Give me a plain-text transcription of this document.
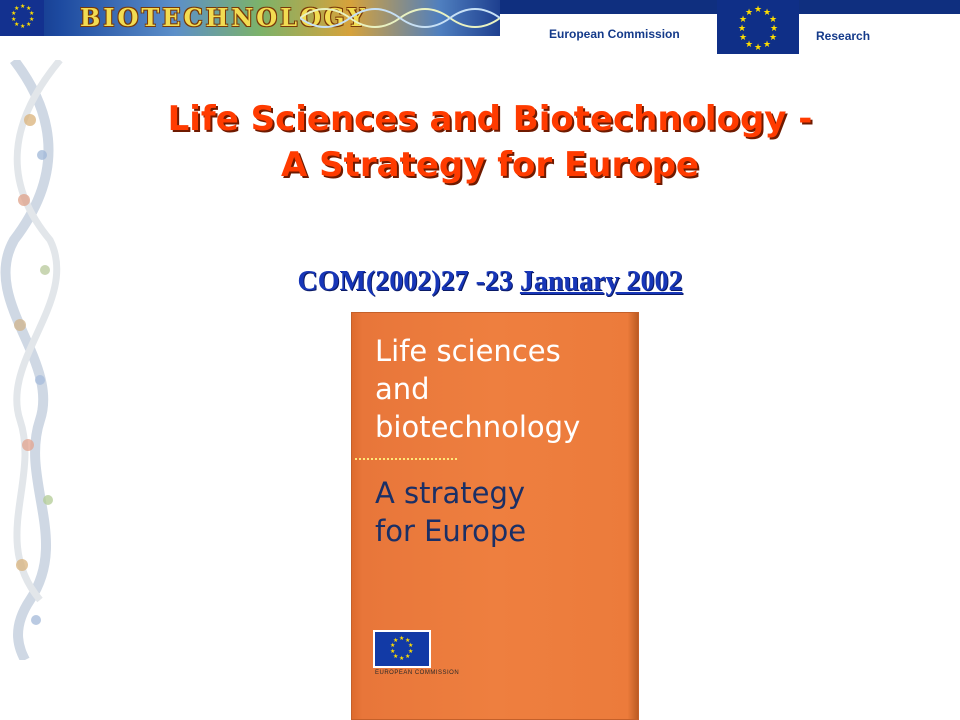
★ ★
★
★
★
★
★
★
★
★	BIOTECHNOLOGY
European Commission
★ ★
★
★
★
★
★
★
★
★
★
★
Research
Life Sciences and Biotechnology -
A Strategy for Europe
COM(2002)27 -23 January 2002
Life sciences
and
biotechnology
A strategy
for Europe
★ ★
★
★
★
★
★
★
★
★
EUROPEAN COMMISSION
